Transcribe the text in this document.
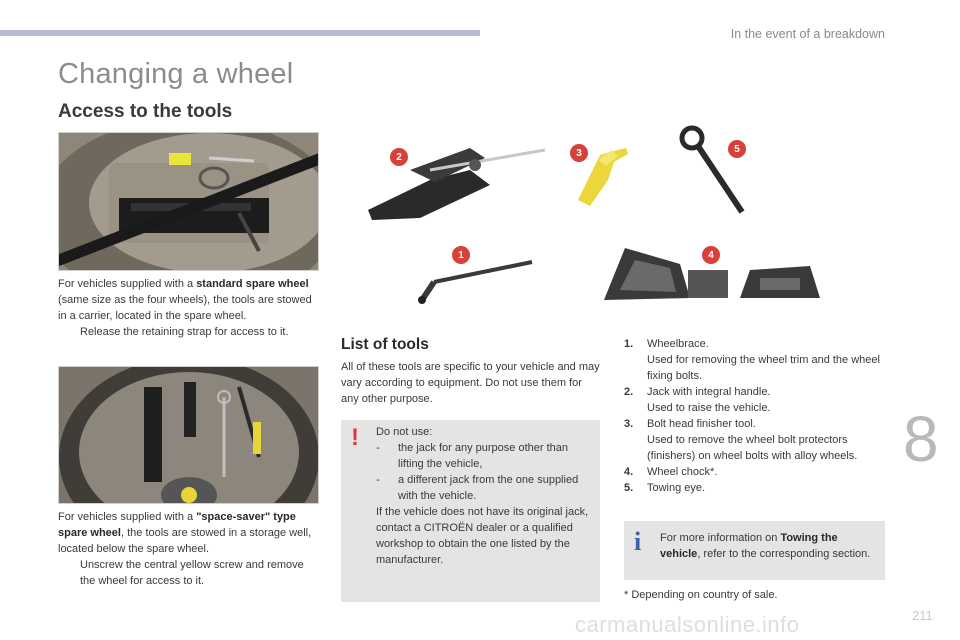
In the event of a breakdown
Changing a wheel
Access to the tools
For vehicles supplied with a standard spare wheel (same size as the four wheels), the tools are stowed in a carrier, located in the spare wheel.
Release the retaining strap for access to it.
For vehicles supplied with a "space-saver" type spare wheel, the tools are stowed in a storage well, located below the spare wheel.
Unscrew the central yellow screw and remove the wheel for access to it.
2	3	5
1	4
List of tools
All of these tools are specific to your vehicle and may vary according to equipment. Do not use them for any other purpose.
! Do not use:
-	the jack for any purpose other than lifting the vehicle,
-	a different jack from the one supplied with the vehicle.
If the vehicle does not have its original jack, contact a CITROËN dealer or a qualified workshop to obtain the one listed by the manufacturer.
1.	Wheelbrace.
Used for removing the wheel trim and the wheel fixing bolts.
2.	Jack with integral handle.
Used to raise the vehicle.
3.	Bolt head finisher tool.
Used to remove the wheel bolt protectors (finishers) on wheel bolts with alloy wheels.
4.	Wheel chock*.
5.	Towing eye.
i For more information on Towing the vehicle, refer to the corresponding section.
* Depending on country of sale.
8
carmanualsonline.info	211
